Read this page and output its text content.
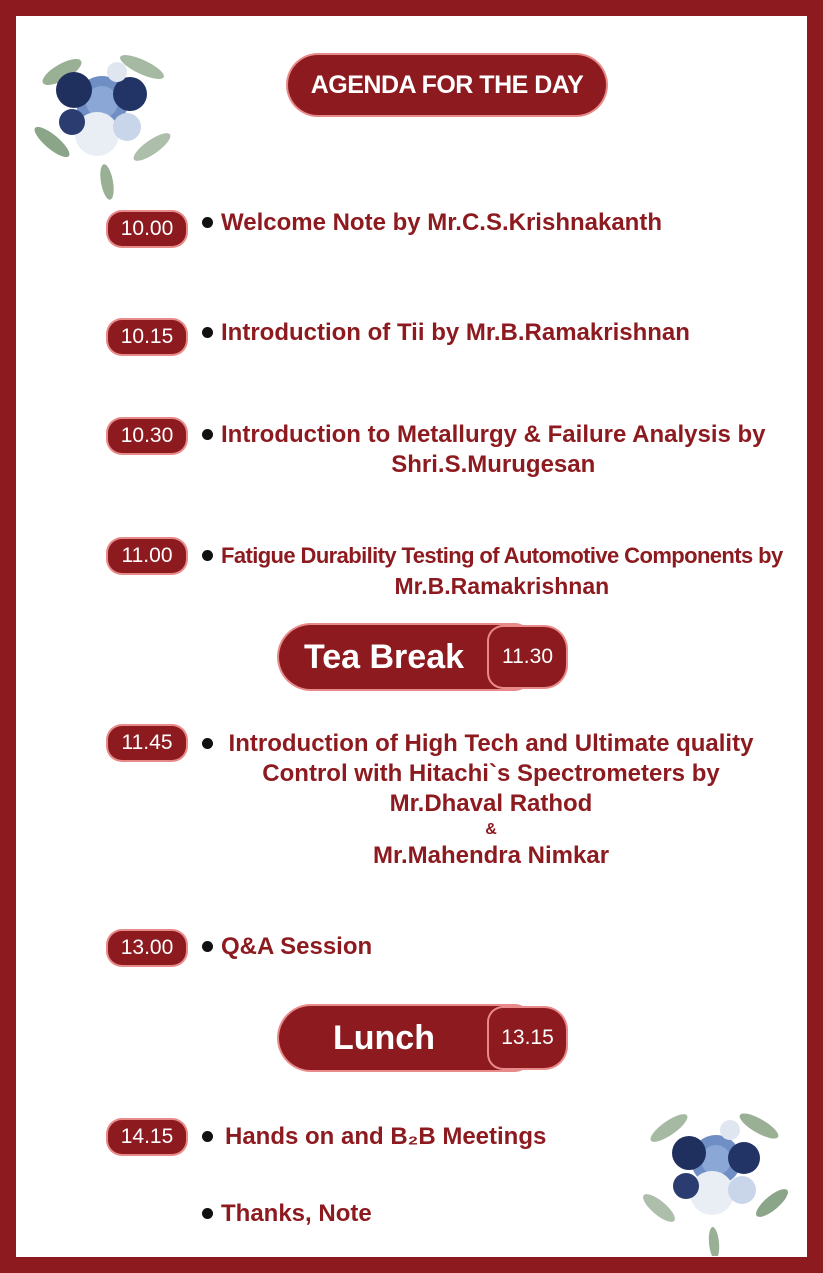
AGENDA FOR THE DAY
10.00	Welcome Note by Mr.C.S.Krishnakanth
10.15	Introduction of Tii by Mr.B.Ramakrishnan
10.30	Introduction to Metallurgy & Failure Analysis by
Shri.S.Murugesan
11.00	Fatigue Durability Testing of Automotive Components by
Mr.B.Ramakrishnan
Tea Break	11.30
11.45	Introduction of High Tech and Ultimate quality
Control with Hitachi`s Spectrometers by
Mr.Dhaval Rathod
&
Mr.Mahendra Nimkar
13.00	Q&A Session
Lunch	13.15
14.15	Hands on and B₂B Meetings
Thanks, Note
